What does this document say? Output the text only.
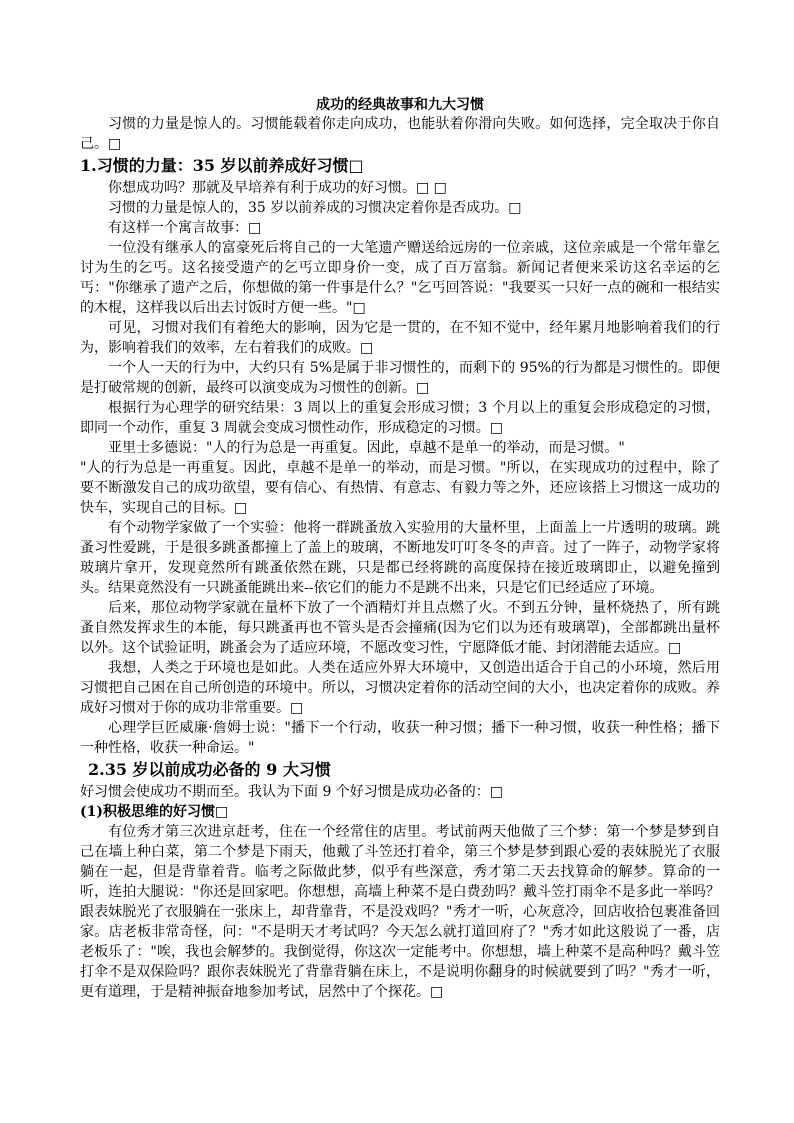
成功的经典故事和九大习惯

习惯的力量是惊人的。习惯能载着你走向成功，也能驮着你滑向失败。如何选择，完全取决于你自己。□

1.习惯的力量：35 岁以前养成好习惯□

你想成功吗？那就及早培养有利于成功的好习惯。□ □

习惯的力量是惊人的，35 岁以前养成的习惯决定着你是否成功。□

有这样一个寓言故事：□

一位没有继承人的富豪死后将自己的一大笔遗产赠送给远房的一位亲戚，这位亲戚是一个常年靠乞讨为生的乞丐。这名接受遗产的乞丐立即身价一变，成了百万富翁。新闻记者便来采访这名幸运的乞丐："你继承了遗产之后，你想做的第一件事是什么？"乞丐回答说："我要买一只好一点的碗和一根结实的木棍，这样我以后出去讨饭时方便一些。"□

可见，习惯对我们有着绝大的影响，因为它是一贯的，在不知不觉中，经年累月地影响着我们的行为，影响着我们的效率，左右着我们的成败。□

一个人一天的行为中，大约只有 5%是属于非习惯性的，而剩下的 95%的行为都是习惯性的。即便是打破常规的创新，最终可以演变成为习惯性的创新。□

根据行为心理学的研究结果：3 周以上的重复会形成习惯；3 个月以上的重复会形成稳定的习惯，即同一个动作，重复 3 周就会变成习惯性动作，形成稳定的习惯。□

亚里士多德说："人的行为总是一再重复。因此，卓越不是单一的举动，而是习惯。"

"人的行为总是一再重复。因此，卓越不是单一的举动，而是习惯。"所以，在实现成功的过程中，除了要不断激发自己的成功欲望，要有信心、有热情、有意志、有毅力等之外，还应该搭上习惯这一成功的快车，实现自己的目标。□

有个动物学家做了一个实验：他将一群跳蚤放入实验用的大量杯里，上面盖上一片透明的玻璃。跳蚤习性爱跳，于是很多跳蚤都撞上了盖上的玻璃，不断地发叮叮冬冬的声音。过了一阵子，动物学家将玻璃片拿开，发现竟然所有跳蚤依然在跳，只是都已经将跳的高度保持在接近玻璃即止，以避免撞到头。结果竟然没有一只跳蚤能跳出来--依它们的能力不是跳不出来，只是它们已经适应了环境。

后来，那位动物学家就在量杯下放了一个酒精灯并且点燃了火。不到五分钟，量杯烧热了，所有跳蚤自然发挥求生的本能，每只跳蚤再也不管头是否会撞痛(因为它们以为还有玻璃罩)，全部都跳出量杯以外。这个试验证明，跳蚤会为了适应环境，不愿改变习性，宁愿降低才能、封闭潜能去适应。□

我想，人类之于环境也是如此。人类在适应外界大环境中，又创造出适合于自己的小环境，然后用习惯把自己困在自己所创造的环境中。所以，习惯决定着你的活动空间的大小，也决定着你的成败。养成好习惯对于你的成功非常重要。□

心理学巨匠威廉·詹姆士说："播下一个行动，收获一种习惯；播下一种习惯，收获一种性格；播下一种性格，收获一种命运。"

2.35 岁以前成功必备的 9 大习惯

好习惯会使成功不期而至。我认为下面 9 个好习惯是成功必备的：□

(1)积极思维的好习惯□

有位秀才第三次进京赶考，住在一个经常住的店里。考试前两天他做了三个梦：第一个梦是梦到自己在墙上种白菜，第二个梦是下雨天，他戴了斗笠还打着伞，第三个梦是梦到跟心爱的表妹脱光了衣服躺在一起，但是背靠着背。临考之际做此梦，似乎有些深意，秀才第二天去找算命的解梦。算命的一听，连拍大腿说："你还是回家吧。你想想，高墙上种菜不是白费劲吗？戴斗笠打雨伞不是多此一举吗？跟表妹脱光了衣服躺在一张床上，却背靠背，不是没戏吗？"秀才一听，心灰意冷，回店收拾包裹准备回家。店老板非常奇怪，问："不是明天才考试吗？今天怎么就打道回府了？"秀才如此这般说了一番，店老板乐了："唉，我也会解梦的。我倒觉得，你这次一定能考中。你想想，墙上种菜不是高种吗？戴斗笠打伞不是双保险吗？跟你表妹脱光了背靠背躺在床上，不是说明你翻身的时候就要到了吗？"秀才一听，更有道理，于是精神振奋地参加考试，居然中了个探花。□
